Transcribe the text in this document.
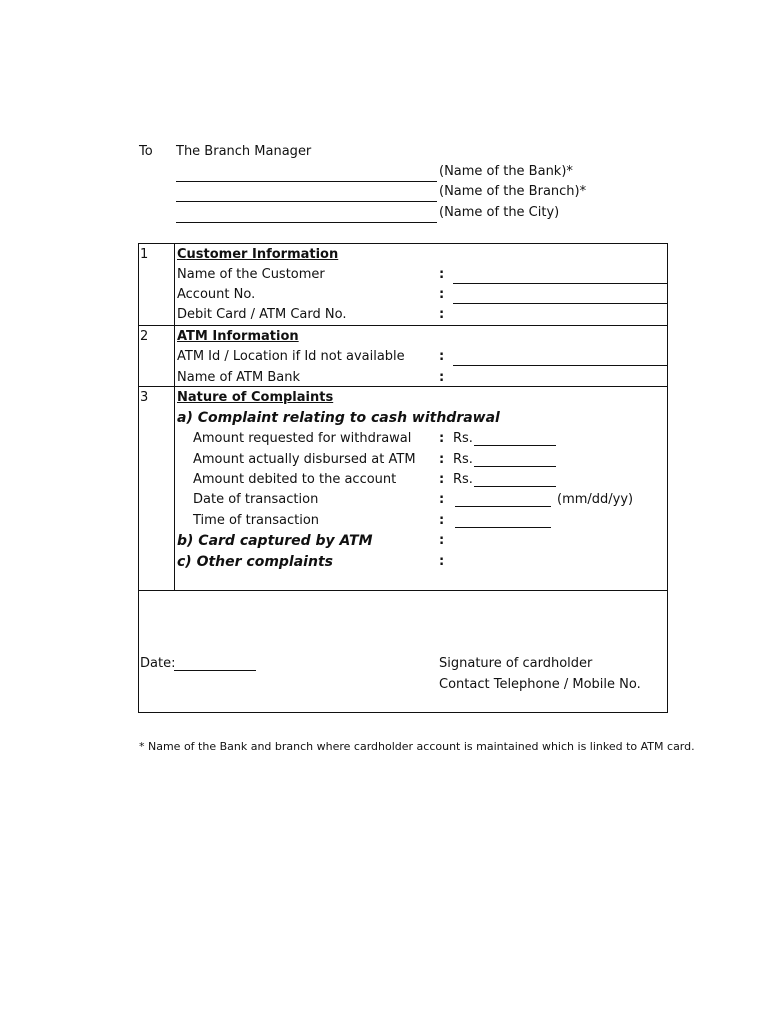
To The Branch Manager
(Name of the Bank)*
(Name of the Branch)*
(Name of the City)
1 Customer Information
Name of the Customer	:
Account No.	:
Debit Card / ATM Card No.	:
2 ATM Information
ATM Id / Location if Id not available	:
Name of ATM Bank	:
3 Nature of Complaints
a) Complaint relating to cash withdrawal
Amount requested for withdrawal : Rs.
Amount actually disbursed at ATM : Rs.
Amount debited to the account	: Rs.
Date of transaction	:	(mm/dd/yy)
Time of transaction	:
b) Card captured by ATM	:
c) Other complaints	:
Date:	Signature of cardholder
Contact Telephone / Mobile No.
* Name of the Bank and branch where cardholder account is maintained which is linked to ATM card.
